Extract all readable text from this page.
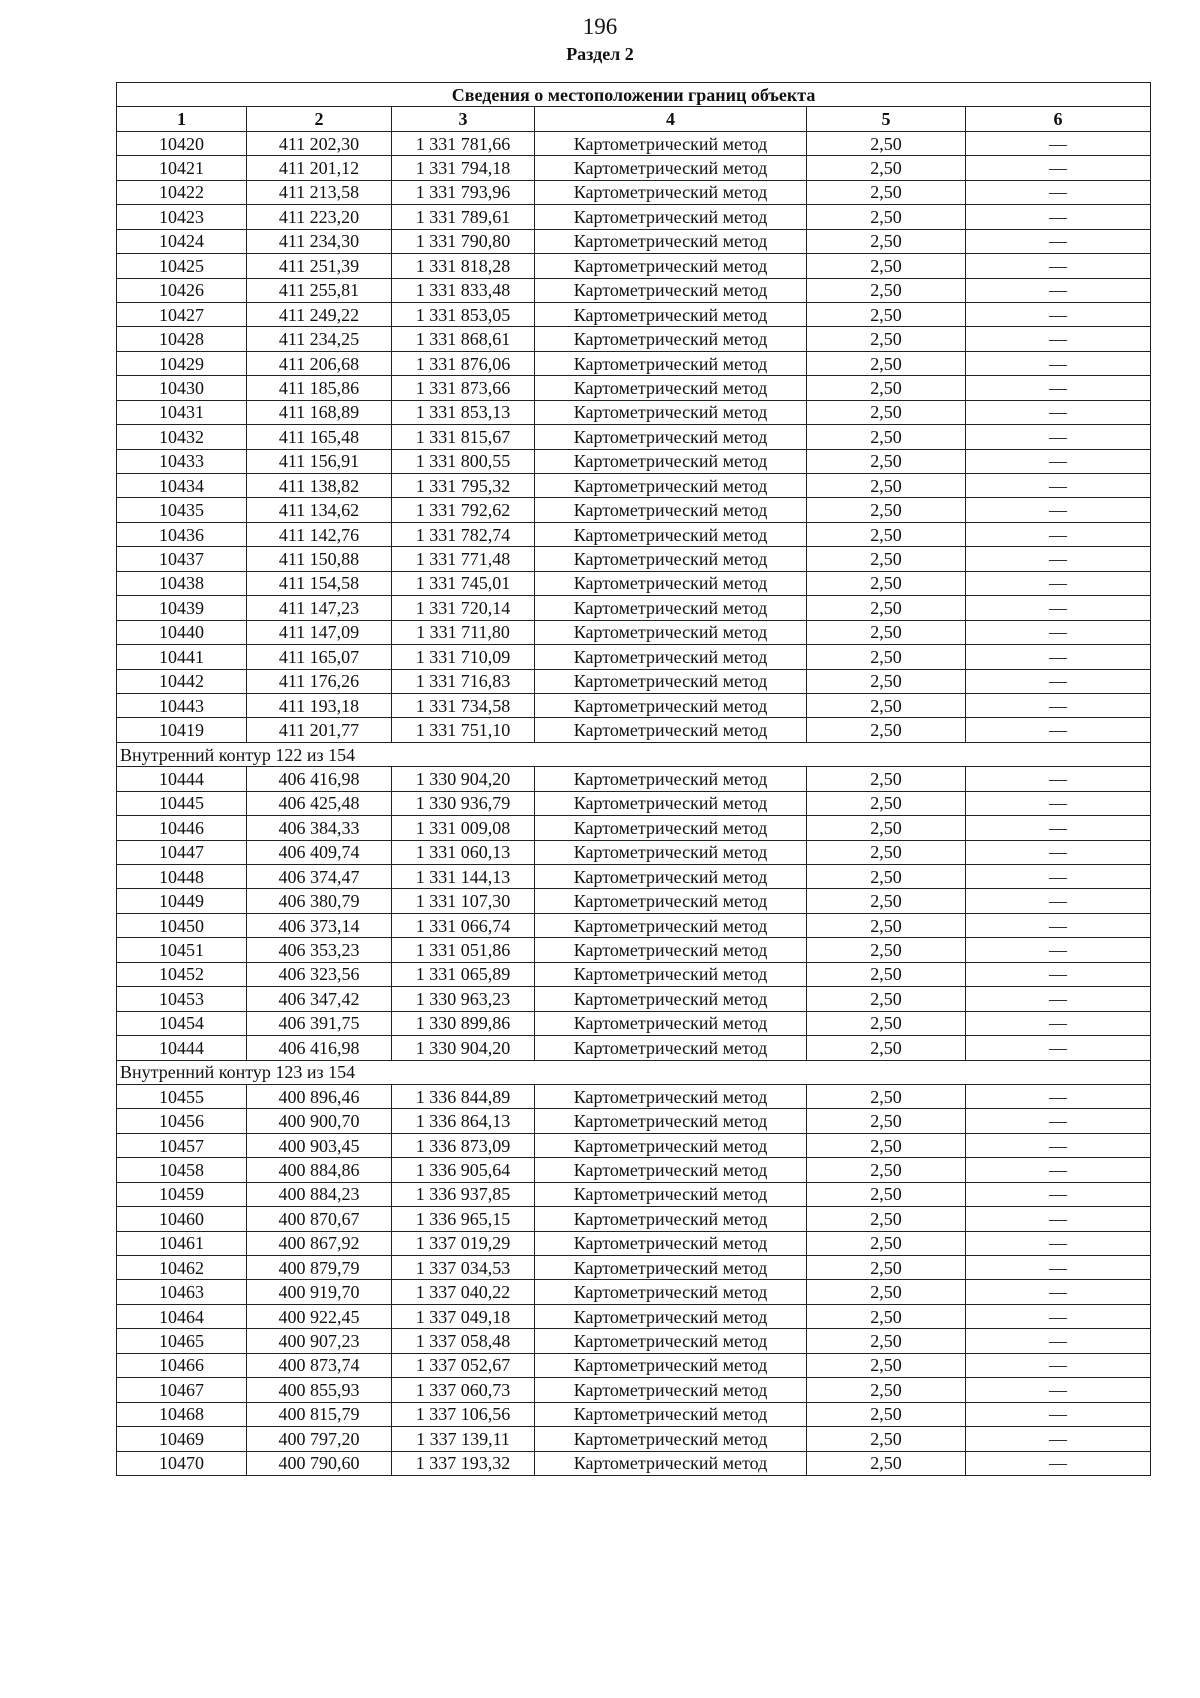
196
Раздел 2
Сведения о местоположении границ объекта					
1	2	3	4	5	6
10420	411 202,30	1 331 781,66	Картометрический метод	2,50	—
10421	411 201,12	1 331 794,18	Картометрический метод	2,50	—
10422	411 213,58	1 331 793,96	Картометрический метод	2,50	—
10423	411 223,20	1 331 789,61	Картометрический метод	2,50	—
10424	411 234,30	1 331 790,80	Картометрический метод	2,50	—
10425	411 251,39	1 331 818,28	Картометрический метод	2,50	—
10426	411 255,81	1 331 833,48	Картометрический метод	2,50	—
10427	411 249,22	1 331 853,05	Картометрический метод	2,50	—
10428	411 234,25	1 331 868,61	Картометрический метод	2,50	—
10429	411 206,68	1 331 876,06	Картометрический метод	2,50	—
10430	411 185,86	1 331 873,66	Картометрический метод	2,50	—
10431	411 168,89	1 331 853,13	Картометрический метод	2,50	—
10432	411 165,48	1 331 815,67	Картометрический метод	2,50	—
10433	411 156,91	1 331 800,55	Картометрический метод	2,50	—
10434	411 138,82	1 331 795,32	Картометрический метод	2,50	—
10435	411 134,62	1 331 792,62	Картометрический метод	2,50	—
10436	411 142,76	1 331 782,74	Картометрический метод	2,50	—
10437	411 150,88	1 331 771,48	Картометрический метод	2,50	—
10438	411 154,58	1 331 745,01	Картометрический метод	2,50	—
10439	411 147,23	1 331 720,14	Картометрический метод	2,50	—
10440	411 147,09	1 331 711,80	Картометрический метод	2,50	—
10441	411 165,07	1 331 710,09	Картометрический метод	2,50	—
10442	411 176,26	1 331 716,83	Картометрический метод	2,50	—
10443	411 193,18	1 331 734,58	Картометрический метод	2,50	—
10419	411 201,77	1 331 751,10	Картометрический метод	2,50	—
Внутренний контур 122 из 154					
10444	406 416,98	1 330 904,20	Картометрический метод	2,50	—
10445	406 425,48	1 330 936,79	Картометрический метод	2,50	—
10446	406 384,33	1 331 009,08	Картометрический метод	2,50	—
10447	406 409,74	1 331 060,13	Картометрический метод	2,50	—
10448	406 374,47	1 331 144,13	Картометрический метод	2,50	—
10449	406 380,79	1 331 107,30	Картометрический метод	2,50	—
10450	406 373,14	1 331 066,74	Картометрический метод	2,50	—
10451	406 353,23	1 331 051,86	Картометрический метод	2,50	—
10452	406 323,56	1 331 065,89	Картометрический метод	2,50	—
10453	406 347,42	1 330 963,23	Картометрический метод	2,50	—
10454	406 391,75	1 330 899,86	Картометрический метод	2,50	—
10444	406 416,98	1 330 904,20	Картометрический метод	2,50	—
Внутренний контур 123 из 154					
10455	400 896,46	1 336 844,89	Картометрический метод	2,50	—
10456	400 900,70	1 336 864,13	Картометрический метод	2,50	—
10457	400 903,45	1 336 873,09	Картометрический метод	2,50	—
10458	400 884,86	1 336 905,64	Картометрический метод	2,50	—
10459	400 884,23	1 336 937,85	Картометрический метод	2,50	—
10460	400 870,67	1 336 965,15	Картометрический метод	2,50	—
10461	400 867,92	1 337 019,29	Картометрический метод	2,50	—
10462	400 879,79	1 337 034,53	Картометрический метод	2,50	—
10463	400 919,70	1 337 040,22	Картометрический метод	2,50	—
10464	400 922,45	1 337 049,18	Картометрический метод	2,50	—
10465	400 907,23	1 337 058,48	Картометрический метод	2,50	—
10466	400 873,74	1 337 052,67	Картометрический метод	2,50	—
10467	400 855,93	1 337 060,73	Картометрический метод	2,50	—
10468	400 815,79	1 337 106,56	Картометрический метод	2,50	—
10469	400 797,20	1 337 139,11	Картометрический метод	2,50	—
10470	400 790,60	1 337 193,32	Картометрический метод	2,50	—
